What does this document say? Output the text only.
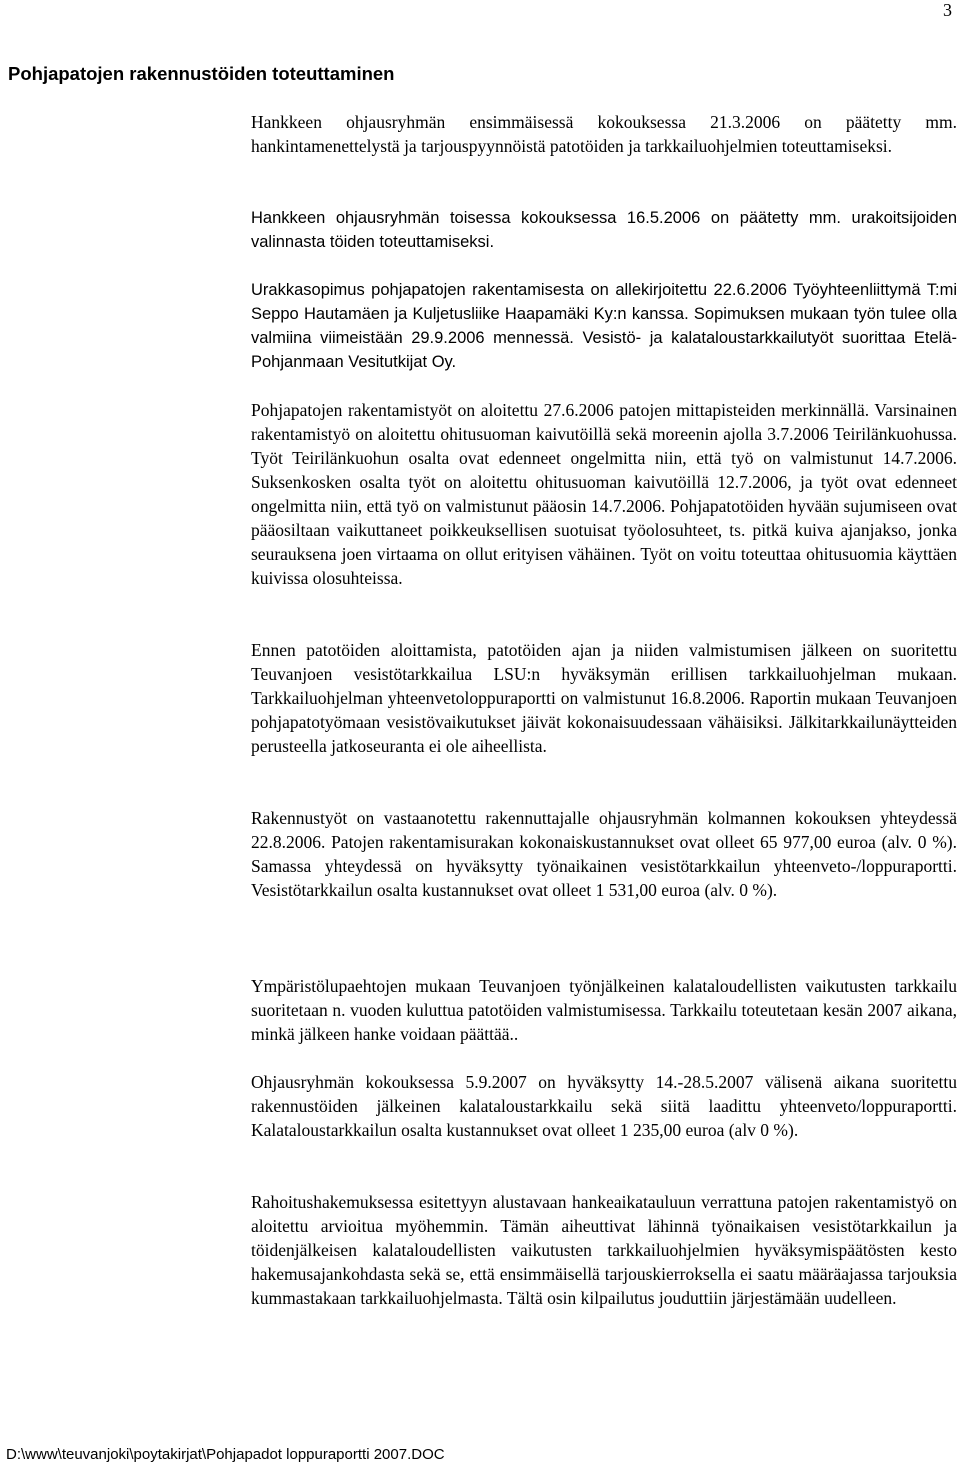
3
Pohjapatojen rakennustöiden toteuttaminen

Hankkeen ohjausryhmän ensimmäisessä kokouksessa 21.3.2006 on päätetty mm. hankintamenettelystä ja tarjouspyynnöistä patotöiden ja tarkkailuohjelmien toteuttamiseksi.

Hankkeen ohjausryhmän toisessa kokouksessa 16.5.2006 on päätetty mm. urakoitsijoiden valinnasta töiden toteuttamiseksi.

Urakkasopimus pohjapatojen rakentamisesta on allekirjoitettu 22.6.2006 Työyhteenliittymä T:mi Seppo Hautamäen ja Kuljetusliike Haapamäki Ky:n kanssa. Sopimuksen mukaan työn tulee olla valmiina viimeistään 29.9.2006 mennessä. Vesistö- ja kalataloustarkkailutyöt suorittaa Etelä-Pohjanmaan Vesitutkijat Oy.

Pohjapatojen rakentamistyöt on aloitettu 27.6.2006 patojen mittapisteiden merkinnällä. Varsinainen rakentamistyö on aloitettu ohitusuoman kaivutöillä sekä moreenin ajolla 3.7.2006 Teirilänkuohussa. Työt Teirilänkuohun osalta ovat edenneet ongelmitta niin, että työ on valmistunut 14.7.2006. Suksenkosken osalta työt on aloitettu ohitusuoman kaivutöillä 12.7.2006, ja työt ovat edenneet ongelmitta niin, että työ on valmistunut pääosin 14.7.2006. Pohjapatotöiden hyvään sujumiseen ovat pääosiltaan vaikuttaneet poikkeuksellisen suotuisat työolosuhteet, ts. pitkä kuiva ajanjakso, jonka seurauksena joen virtaama on ollut erityisen vähäinen. Työt on voitu toteuttaa ohitusuomia käyttäen kuivissa olosuhteissa.

Ennen patotöiden aloittamista, patotöiden ajan ja niiden valmistumisen jälkeen on suoritettu Teuvanjoen vesistötarkkailua LSU:n hyväksymän erillisen tarkkailuohjelman mukaan. Tarkkailuohjelman yhteenvetoloppuraportti on valmistunut 16.8.2006. Raportin mukaan Teuvanjoen pohjapatotyömaan vesistövaikutukset jäivät kokonaisuudessaan vähäisiksi. Jälkitarkkailunäytteiden perusteella jatkoseuranta ei ole aiheellista.

Rakennustyöt on vastaanotettu rakennuttajalle ohjausryhmän kolmannen kokouksen yhteydessä 22.8.2006. Patojen rakentamisurakan kokonaiskustannukset ovat olleet 65 977,00 euroa (alv. 0 %). Samassa yhteydessä on hyväksytty työnaikainen vesistötarkkailun yhteenveto-/loppuraportti. Vesistötarkkailun osalta kustannukset ovat olleet 1 531,00 euroa (alv. 0 %).

Ympäristölupaehtojen mukaan Teuvanjoen työnjälkeinen kalataloudellisten vaikutusten tarkkailu suoritetaan n. vuoden kuluttua patotöiden valmistumisessa. Tarkkailu toteutetaan kesän 2007 aikana, minkä jälkeen hanke voidaan päättää..

Ohjausryhmän kokouksessa 5.9.2007 on hyväksytty 14.-28.5.2007 välisenä aikana suoritettu rakennustöiden jälkeinen kalataloustarkkailu sekä siitä laadittu yhteenveto/loppuraportti. Kalataloustarkkailun osalta kustannukset ovat olleet 1 235,00 euroa (alv 0 %).

Rahoitushakemuksessa esitettyyn alustavaan hankeaikatauluun verrattuna patojen rakentamistyö on aloitettu arvioitua myöhemmin. Tämän aiheuttivat lähinnä työnaikaisen vesistötarkkailun ja töidenjälkeisen kalataloudellisten vaikutusten tarkkailuohjelmien hyväksymispäätösten kesto hakemusajankohdasta sekä se, että ensimmäisellä tarjouskierroksella ei saatu määräajassa tarjouksia kummastakaan tarkkailuohjelmasta. Tältä osin kilpailutus jouduttiin järjestämään uudelleen.

D:\www\teuvanjoki\poytakirjat\Pohjapadot loppuraportti 2007.DOC
